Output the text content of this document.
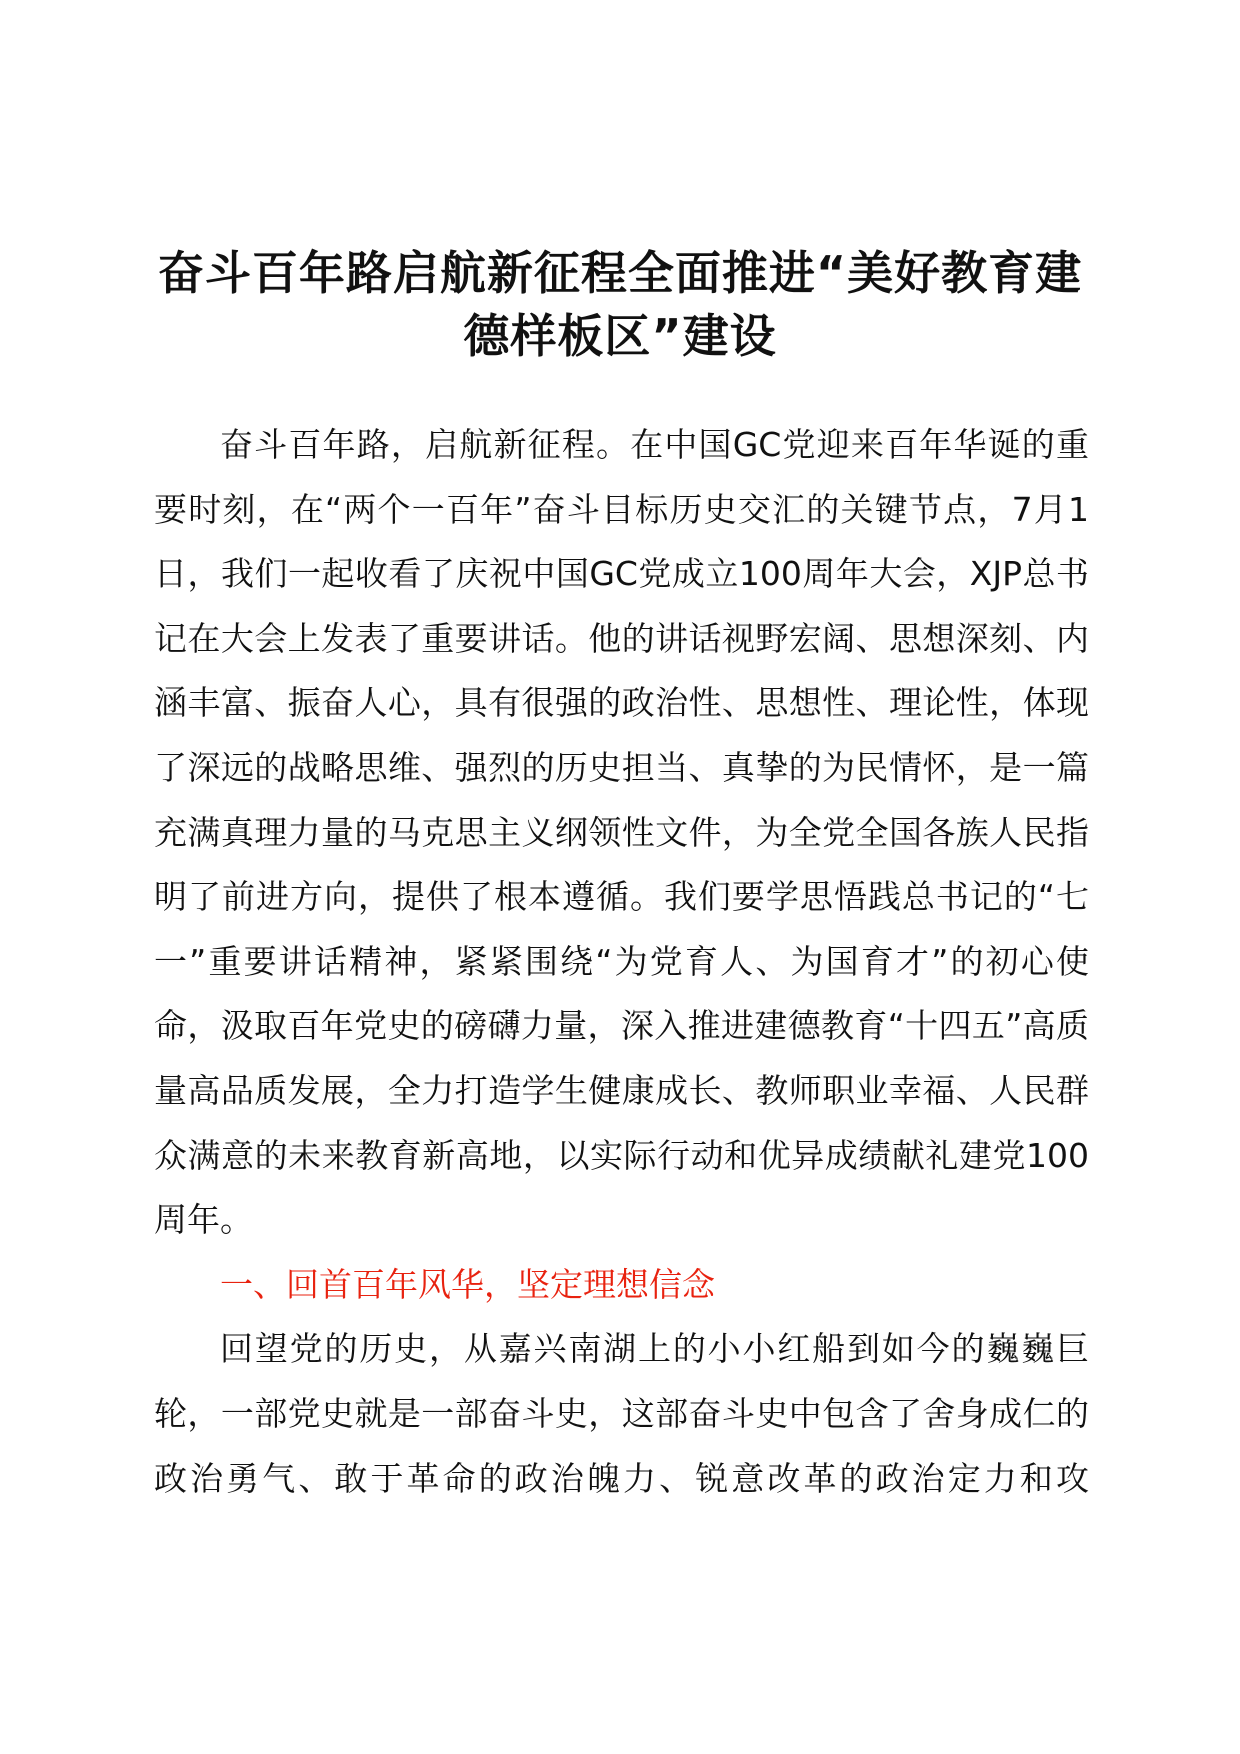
奋斗百年路启航新征程全面推进“美好教育建
德样板区”建设

奋斗百年路，启航新征程。在中国GC党迎来百年华诞的重要时刻，在“两个一百年”奋斗目标历史交汇的关键节点，7月1日，我们一起收看了庆祝中国GC党成立100周年大会，XJP总书记在大会上发表了重要讲话。他的讲话视野宏阔、思想深刻、内涵丰富、振奋人心，具有很强的政治性、思想性、理论性，体现了深远的战略思维、强烈的历史担当、真挚的为民情怀，是一篇充满真理力量的马克思主义纲领性文件，为全党全国各族人民指明了前进方向，提供了根本遵循。我们要学思悟践总书记的“七一”重要讲话精神，紧紧围绕“为党育人、为国育才”的初心使命，汲取百年党史的磅礴力量，深入推进建德教育“十四五”高质量高品质发展，全力打造学生健康成长、教师职业幸福、人民群众满意的未来教育新高地，以实际行动和优异成绩献礼建党100周年。

一、回首百年风华，坚定理想信念

回望党的历史，从嘉兴南湖上的小小红船到如今的巍巍巨轮，一部党史就是一部奋斗史，这部奋斗史中包含了舍身成仁的政治勇气、敢于革命的政治魄力、锐意改革的政治定力和攻
